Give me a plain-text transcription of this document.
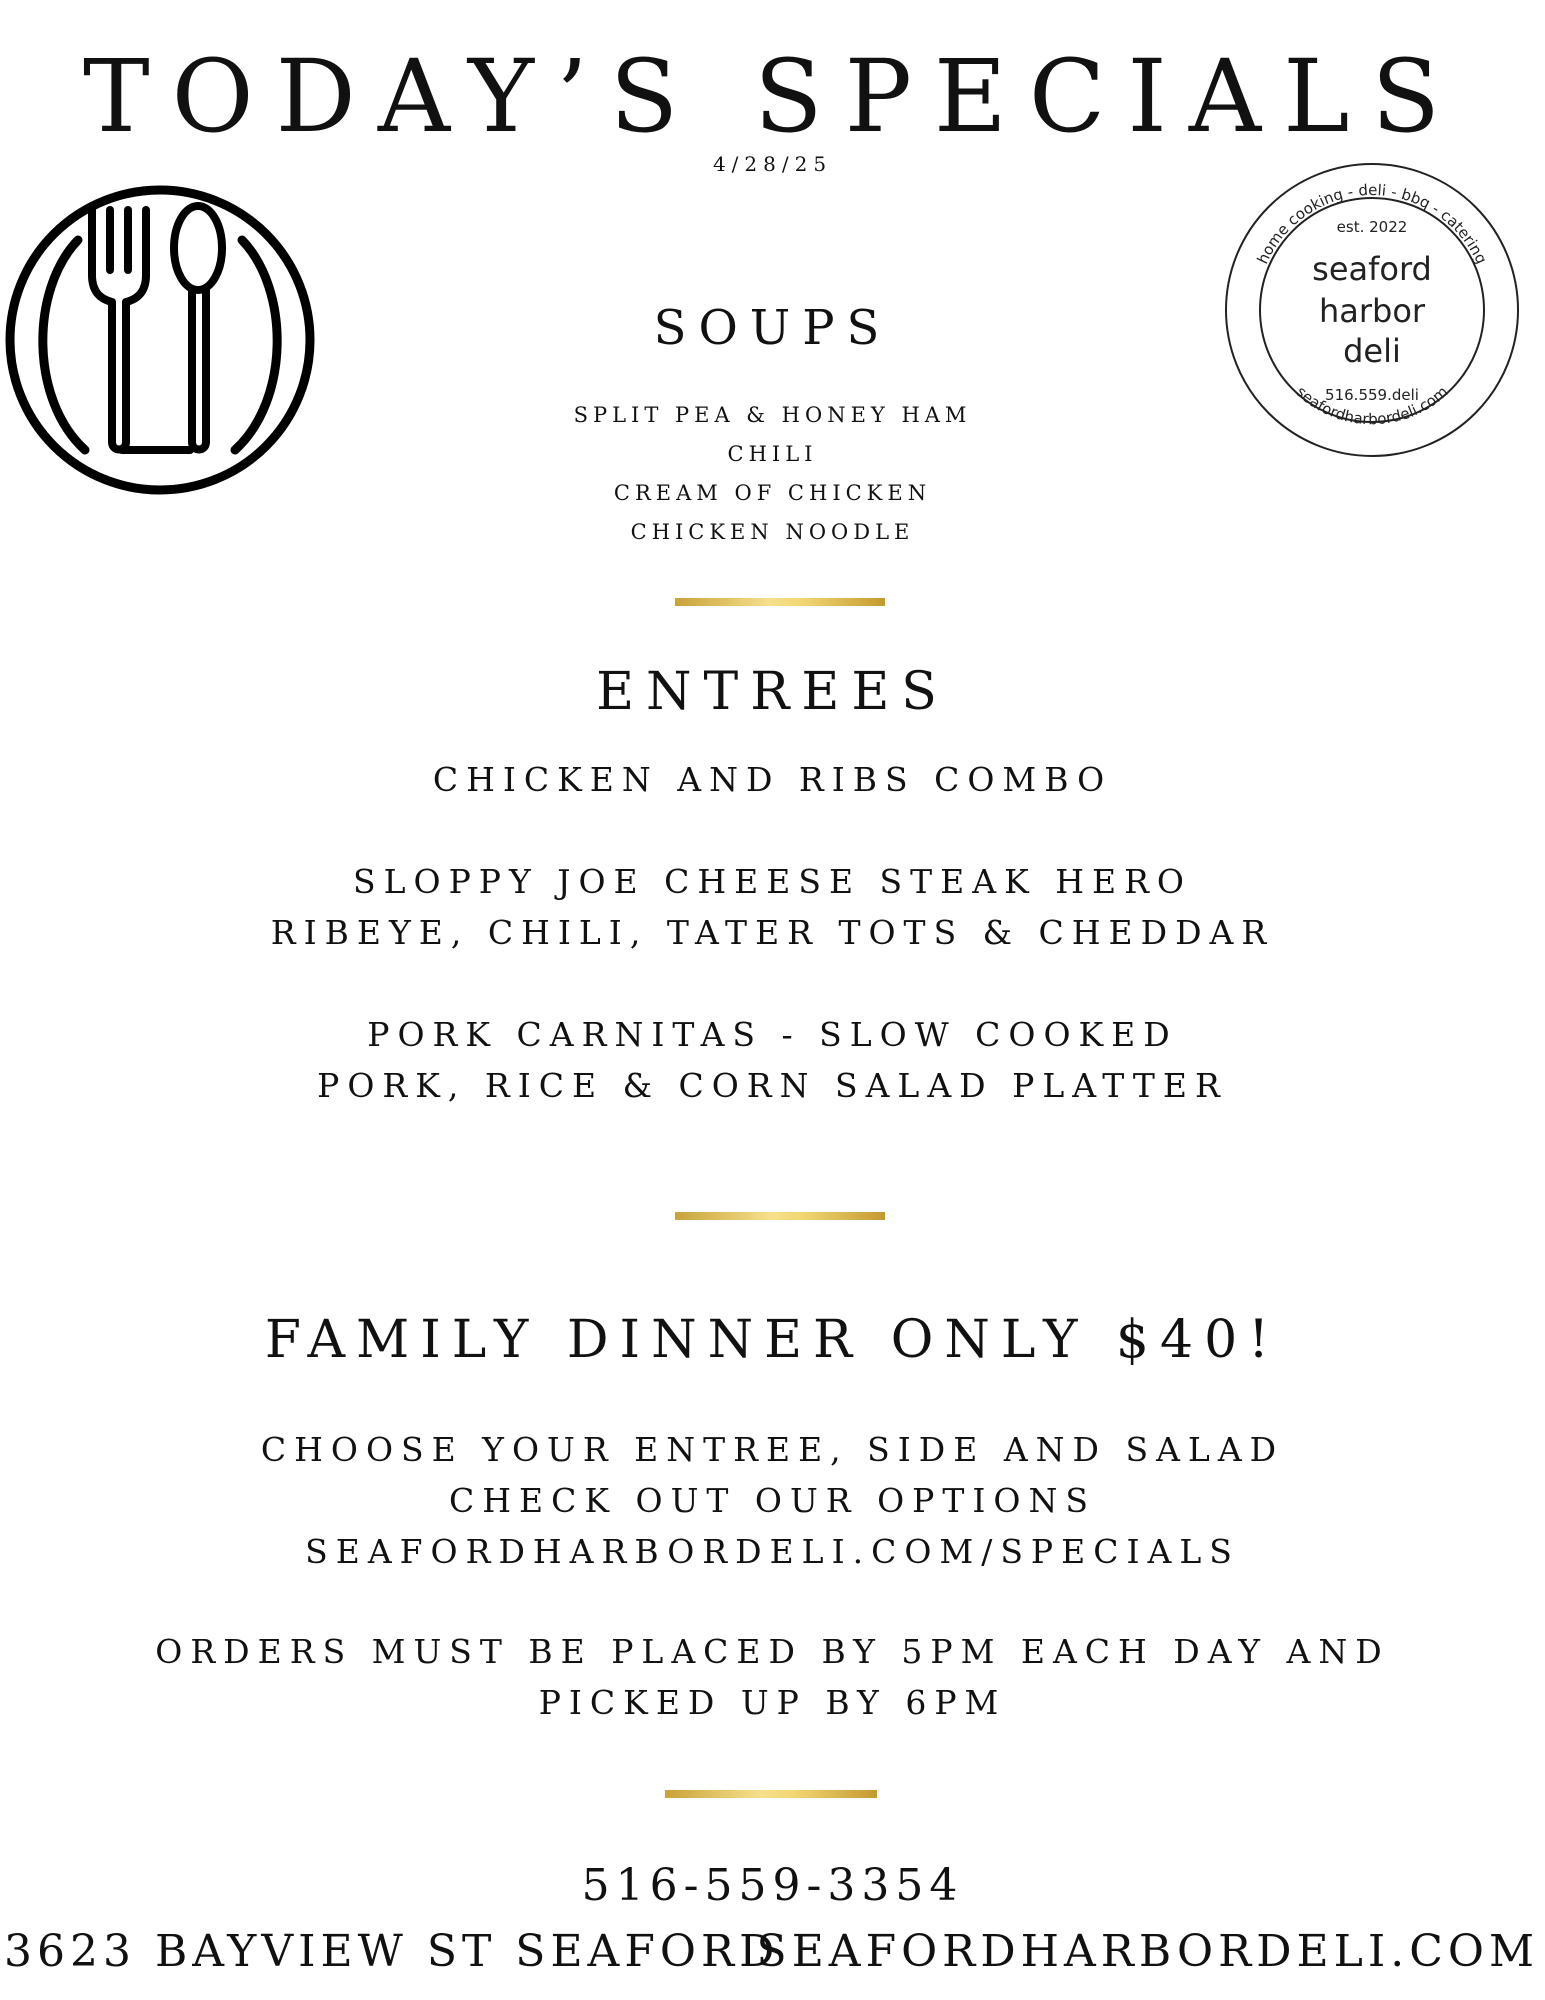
TODAY’S SPECIALS
4/28/25
home cooking - deli - bbq - catering
est. 2022
seaford
harbor
deli
516.559.deli
seafordharbordeli.com
SOUPS
SPLIT PEA & HONEY HAM
CHILI
CREAM OF CHICKEN
CHICKEN NOODLE
ENTREES
CHICKEN AND RIBS COMBO
SLOPPY JOE CHEESE STEAK HERO
RIBEYE, CHILI, TATER TOTS & CHEDDAR
PORK CARNITAS - SLOW COOKED
PORK, RICE & CORN SALAD PLATTER
FAMILY DINNER ONLY $40!
CHOOSE YOUR ENTREE, SIDE AND SALAD
CHECK OUT OUR OPTIONS
SEAFORDHARBORDELI.COM/SPECIALS
ORDERS MUST BE PLACED BY 5PM EACH DAY AND
PICKED UP BY 6PM
516-559-3354
3623 BAYVIEW ST SEAFORD
SEAFORDHARBORDELI.COM
